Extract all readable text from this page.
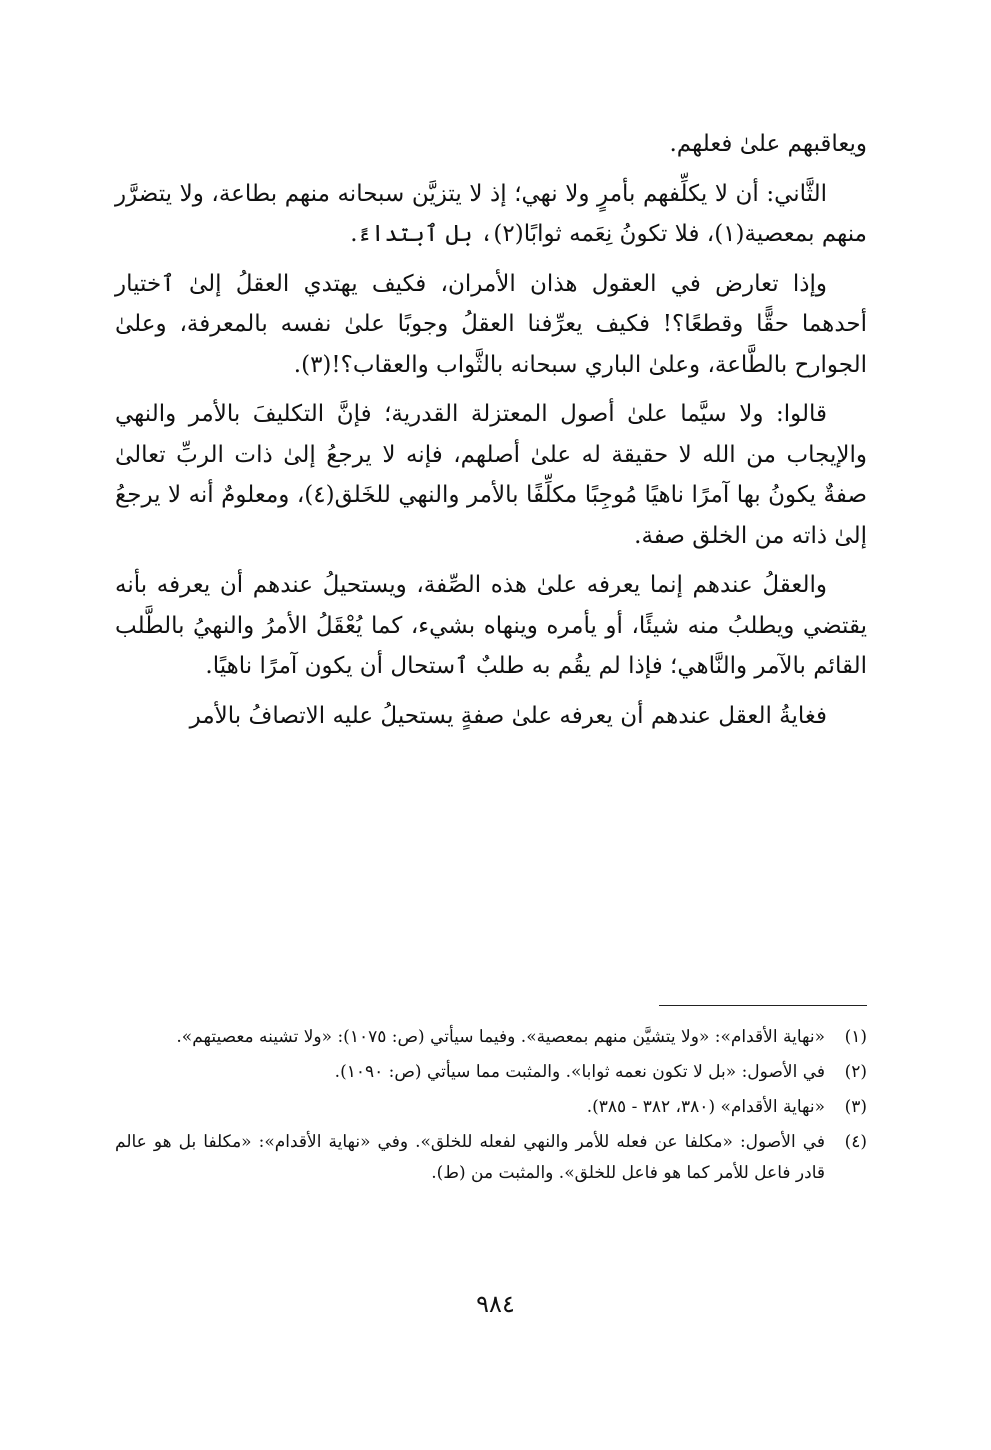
ويعاقبهم علىٰ فعلهم.

الثَّاني: أن لا يكلِّفهم بأمرٍ ولا نهي؛ إذ لا يتزيَّن سبحانه منهم بطاعة، ولا يتضرَّر منهم بمعصية(١)، فلا تكونُ نِعَمه ثوابًا(٢)، بل ٱبتداءً.

وإذا تعارض في العقول هذان الأمران، فكيف يهتدي العقلُ إلىٰ ٱختيار أحدهما حقًّا وقطعًا؟! فكيف يعرِّفنا العقلُ وجوبًا علىٰ نفسه بالمعرفة، وعلىٰ الجوارح بالطَّاعة، وعلىٰ الباري سبحانه بالثَّواب والعقاب؟!(٣).

قالوا: ولا سيَّما علىٰ أصول المعتزلة القدرية؛ فإنَّ التكليفَ بالأمر والنهي والإيجاب من الله لا حقيقة له علىٰ أصلهم، فإنه لا يرجعُ إلىٰ ذات الربِّ تعالىٰ صفةٌ يكونُ بها آمرًا ناهيًا مُوجِبًا مكلِّفًا بالأمر والنهي للخَلق(٤)، ومعلومٌ أنه لا يرجعُ إلىٰ ذاته من الخلق صفة.

والعقلُ عندهم إنما يعرفه علىٰ هذه الصِّفة، ويستحيلُ عندهم أن يعرفه بأنه يقتضي ويطلبُ منه شيئًا، أو يأمره وينهاه بشيء، كما يُعْقَلُ الأمرُ والنهيُ بالطَّلب القائم بالآمر والنَّاهي؛ فإذا لم يقُم به طلبٌ ٱستحال أن يكون آمرًا ناهيًا.

فغايةُ العقل عندهم أن يعرفه علىٰ صفةٍ يستحيلُ عليه الاتصافُ بالأمر

(١)
«نهاية الأقدام»: «ولا يتشيَّن منهم بمعصية». وفيما سيأتي (ص: ١٠٧٥): «ولا تشينه معصيتهم».
(٢)
في الأصول: «بل لا تكون نعمه ثوابا». والمثبت مما سيأتي (ص: ١٠٩٠).
(٣)
«نهاية الأقدام» (٣٨٠، ٣٨٢ - ٣٨٥).
(٤)
في الأصول: «مكلفا عن فعله للأمر والنهي لفعله للخلق». وفي «نهاية الأقدام»: «مكلفا بل هو عالم قادر فاعل للأمر كما هو فاعل للخلق». والمثبت من (ط).
٩٨٤
